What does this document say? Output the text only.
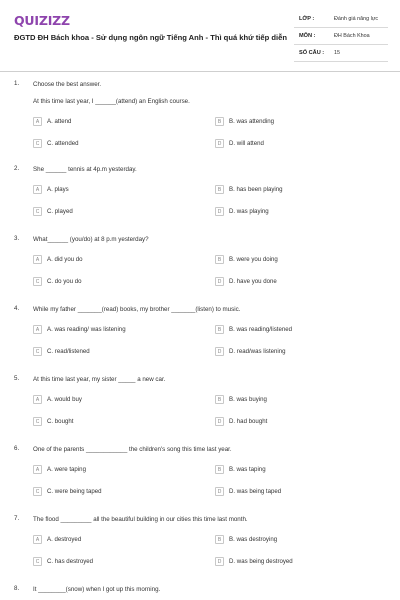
QUIZIZZ
ĐGTD ĐH Bách khoa - Sử dụng ngôn ngữ Tiếng Anh - Thì quá khứ tiếp diễn
LỚP :	Đánh giá năng lực
MÔN :	ĐH Bách Khoa
SỐ CÂU : 15
1. Choose the best answer.
At this time last year, I ______(attend) an English course.
A	A. attend	B	B. was attending
C	C. attended	D	D. will attend
2. She ______ tennis at 4p.m yesterday.
A	A. plays	B	B. has been playing
C	C. played	D	D. was playing
3. What______ (you/do) at 8 p.m yesterday?
A	A. did you do	B	B. were you doing
C	C. do you do	D	D. have you done
4. While my father _______(read) books, my brother _______(listen) to music.
A	A. was reading/ was listening	B	B. was reading/listened
C	C. read/listened	D	D. read/was listening
5. At this time last year, my sister _____ a new car.
A	A. would buy	B	B. was buying
C	C. bought	D	D. had bought
6. One of the parents ____________ the children's song this time last year.
A	A. were taping	B	B. was taping
C	C. were being taped	D	D. was being taped
7. The flood _________ all the beautiful building in our cities this time last month.
A	A. destroyed	B	B. was destroying
C	C. has destroyed	D	D. was being destroyed
8. It ________(snow) when I got up this morning.
